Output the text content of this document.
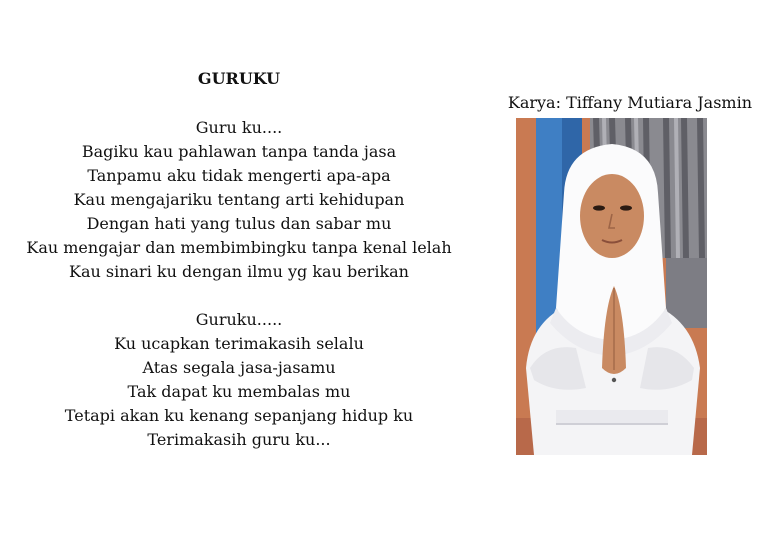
GURUKU
Guru ku....
Bagiku kau pahlawan tanpa tanda jasa
Tanpamu aku tidak mengerti apa-apa
Kau mengajariku tentang arti kehidupan
Dengan hati yang tulus dan sabar mu
Kau mengajar dan membimbingku tanpa kenal lelah
Kau sinari ku dengan ilmu yg kau berikan
Guruku.....
Ku ucapkan terimakasih selalu
Atas segala jasa-jasamu
Tak dapat ku membalas mu
Tetapi akan ku kenang sepanjang hidup ku
Terimakasih guru ku...
Karya: Tiffany Mutiara Jasmin
